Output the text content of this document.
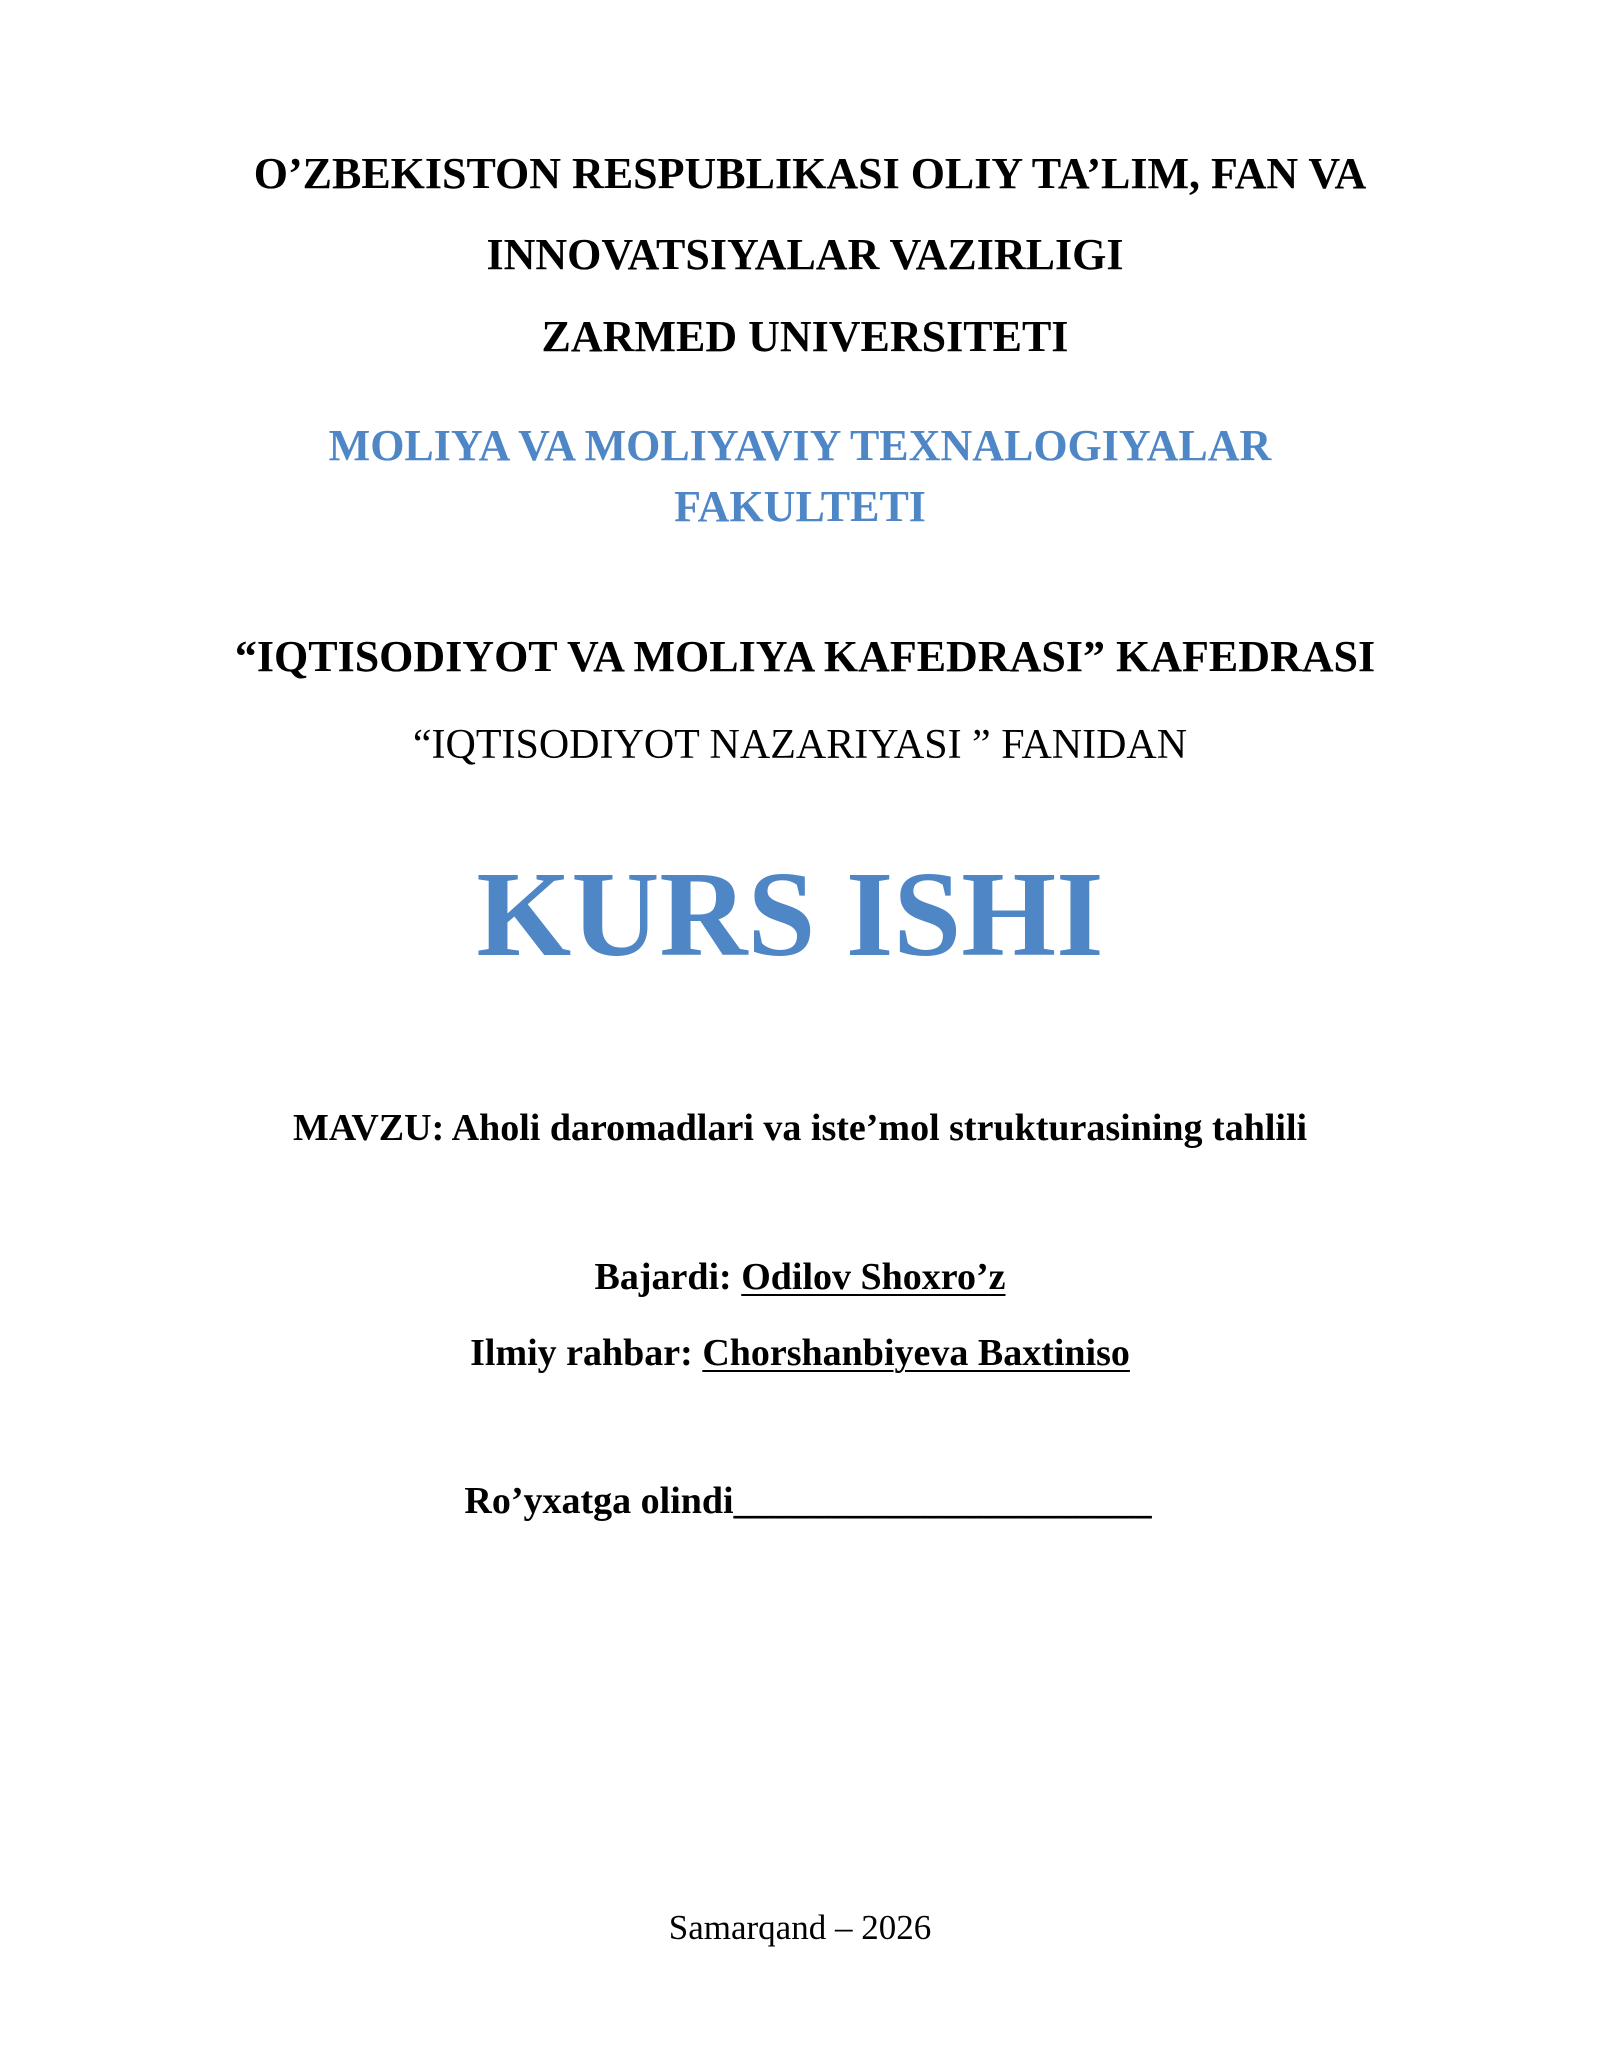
O’ZBEKISTON RESPUBLIKASI OLIY TA’LIM, FAN VA

INNOVATSIYALAR VAZIRLIGI

ZARMED UNIVERSITETI

MOLIYA VA MOLIYAVIY TEXNALOGIYALAR

FAKULTETI

“IQTISODIYOT VA MOLIYA KAFEDRASI” KAFEDRASI

“IQTISODIYOT NAZARIYASI ” FANIDAN

KURS ISHI

MAVZU: Aholi daromadlari va iste’mol strukturasining tahlili

Bajardi: Odilov Shoxro’z

Ilmiy rahbar: Chorshanbiyeva Baxtiniso

Ro’yxatga olindi______________________

Samarqand – 2026
